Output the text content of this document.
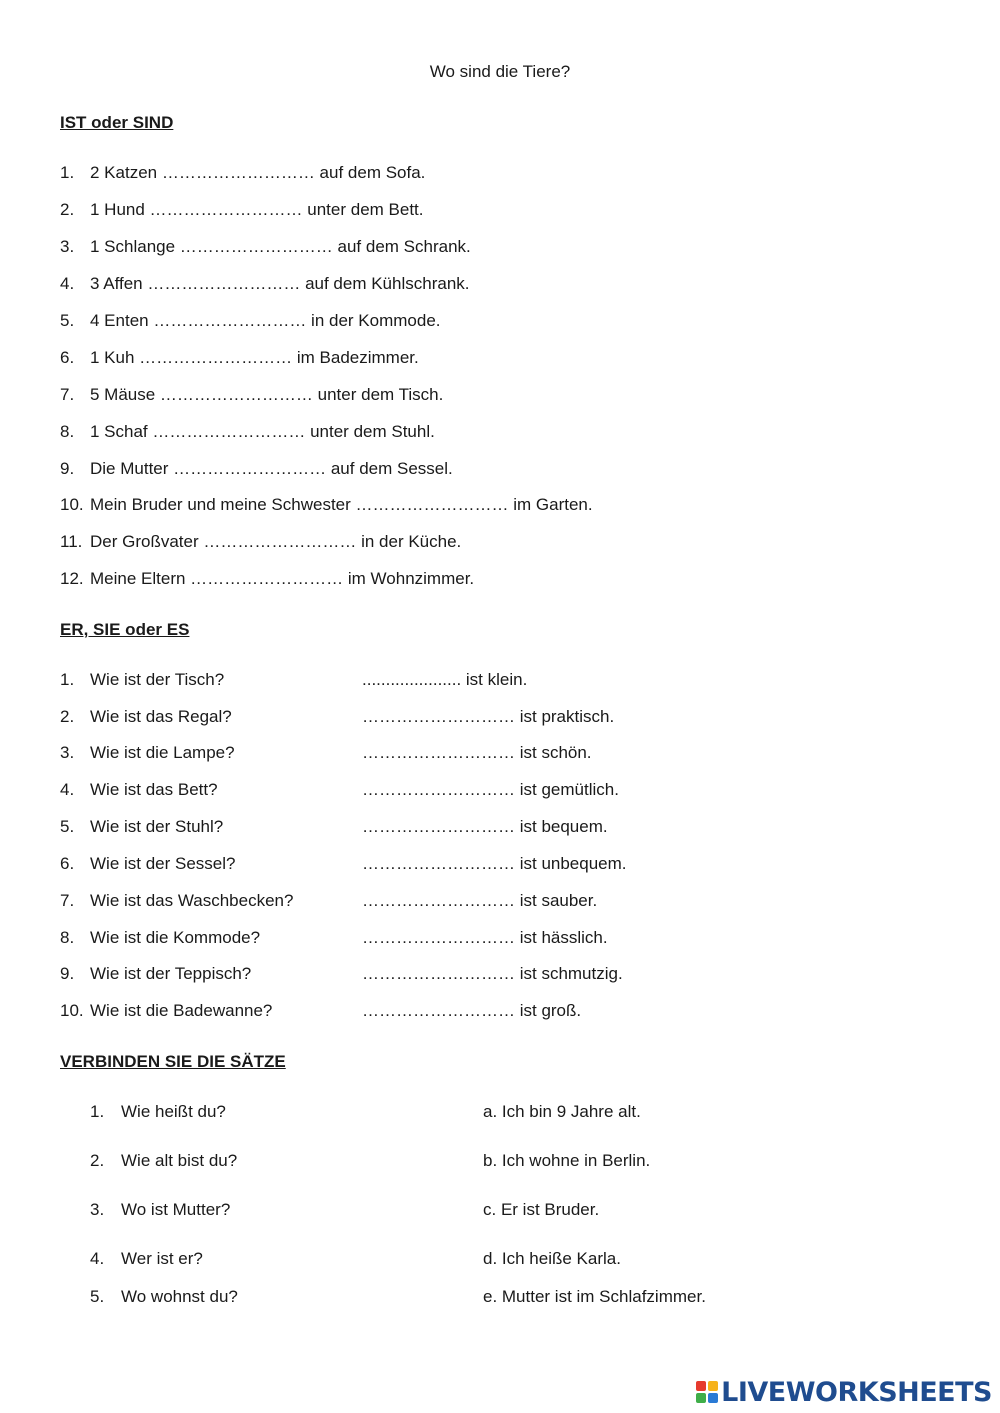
Wo sind die Tiere?
IST oder SIND
1. 2 Katzen ……………………… auf dem Sofa.
2. 1 Hund ……………………… unter dem Bett.
3. 1 Schlange ……………………… auf dem Schrank.
4. 3 Affen ……………………… auf dem Kühlschrank.
5. 4 Enten ……………………… in der Kommode.
6. 1 Kuh ……………………… im Badezimmer.
7. 5 Mäuse ……………………… unter dem Tisch.
8. 1 Schaf ……………………… unter dem Stuhl.
9. Die Mutter ……………………… auf dem Sessel.
10. Mein Bruder und meine Schwester ……………………… im Garten.
11. Der Großvater ……………………… in der Küche.
12. Meine Eltern ……………………… im Wohnzimmer.
ER, SIE oder ES
1. Wie ist der Tisch?	..................... ist klein.
2. Wie ist das Regal?	……………………… ist praktisch.
3. Wie ist die Lampe?	……………………… ist schön.
4. Wie ist das Bett?	……………………… ist gemütlich.
5. Wie ist der Stuhl?	……………………… ist bequem.
6. Wie ist der Sessel?	……………………… ist unbequem.
7. Wie ist das Waschbecken?	……………………… ist sauber.
8. Wie ist die Kommode?	……………………… ist hässlich.
9. Wie ist der Teppisch?	……………………… ist schmutzig.
10. Wie ist die Badewanne?	……………………… ist groß.
VERBINDEN SIE DIE SÄTZE
1. Wie heißt du?	a. Ich bin 9 Jahre alt.
2. Wie alt bist du?	b. Ich wohne in Berlin.
3. Wo ist Mutter?	c. Er ist Bruder.
4. Wer ist er?	d. Ich heiße Karla.
5. Wo wohnst du?	e. Mutter ist im Schlafzimmer.
LIVEWORKSHEETS
